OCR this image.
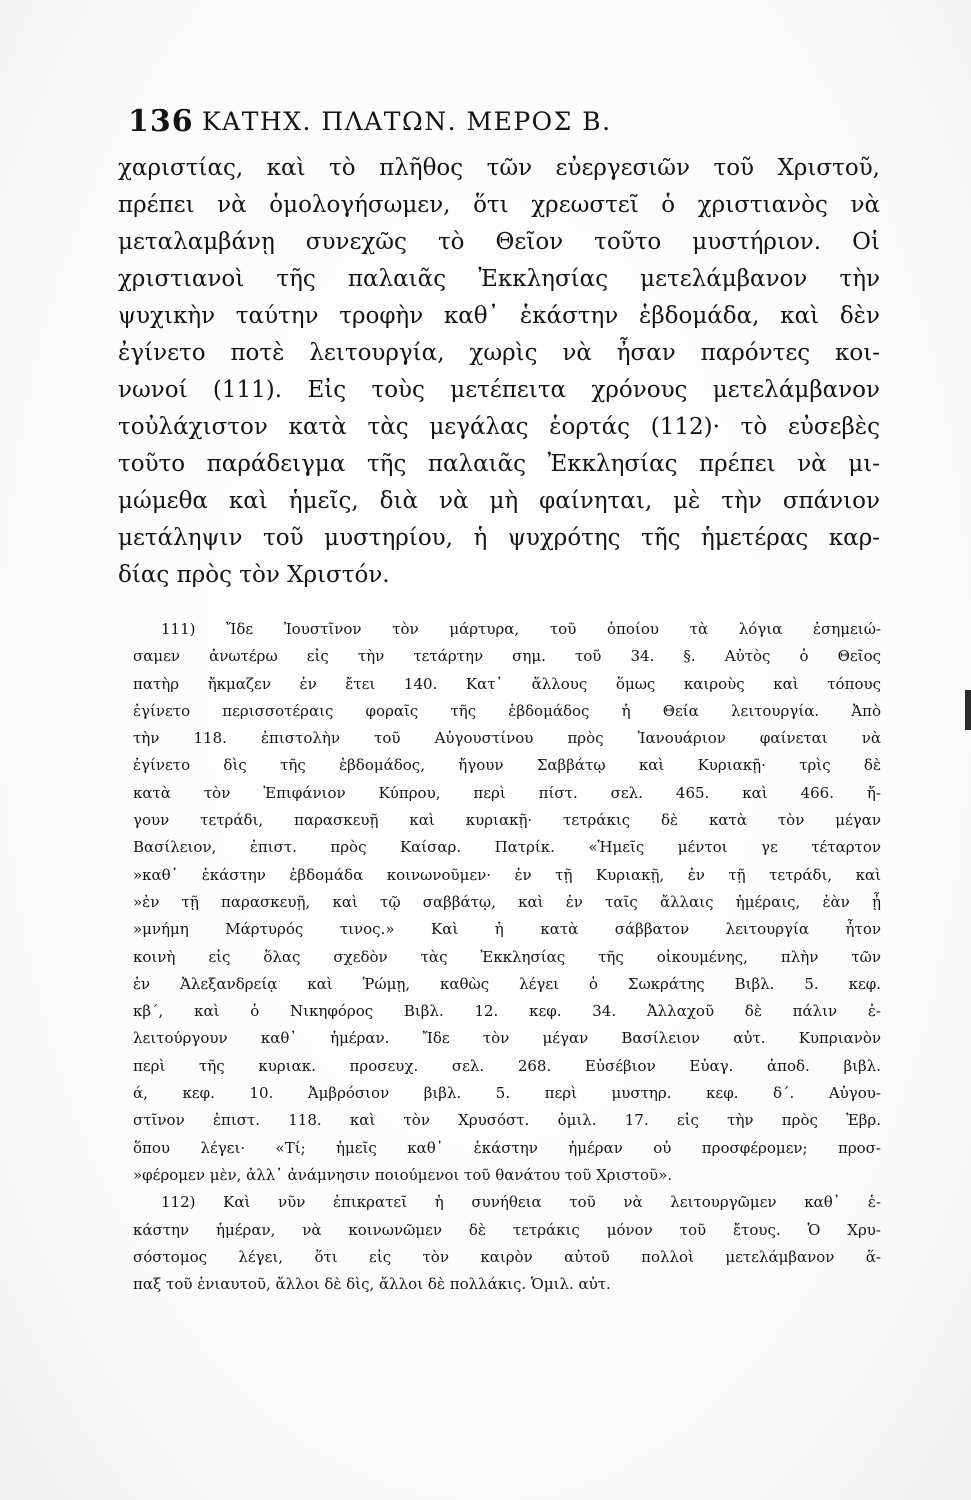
136 ΚΑΤΗΧ. ΠΛΑΤΩΝ. ΜΕΡΟΣ Β.
χαριστίας, καὶ τὸ πλῆθος τῶν εὐεργεσιῶν τοῦ Χριστοῦ,
πρέπει νὰ ὁμολογήσωμεν, ὅτι χρεωστεῖ ὁ χριστιανὸς νὰ
μεταλαμβάνῃ συνεχῶς τὸ Θεῖον τοῦτο μυστήριον. Οἱ
χριστιανοὶ τῆς παλαιᾶς Ἐκκλησίας μετελάμβανον τὴν
ψυχικὴν ταύτην τροφὴν καθ᾽ ἑκάστην ἑβδομάδα, καὶ δὲν
ἐγίνετο ποτὲ λειτουργία, χωρὶς νὰ ἦσαν παρόντες κοι-
νωνοί (111). Εἰς τοὺς μετέπειτα χρόνους μετελάμβανον
τοὐλάχιστον κατὰ τὰς μεγάλας ἑορτάς (112)· τὸ εὐσεβὲς
τοῦτο παράδειγμα τῆς παλαιᾶς Ἐκκλησίας πρέπει νὰ μι-
μώμεθα καὶ ἡμεῖς, διὰ νὰ μὴ φαίνηται, μὲ τὴν σπάνιον
μετάληψιν τοῦ μυστηρίου, ἡ ψυχρότης τῆς ἡμετέρας καρ-
δίας πρὸς τὸν Χριστόν.
111) Ἴδε Ἰουστῖνον τὸν μάρτυρα, τοῦ ὁποίου τὰ λόγια ἐσημειώ-
σαμεν ἀνωτέρω εἰς τὴν τετάρτην σημ. τοῦ 34. §. Αὐτὸς ὁ Θεῖος
πατὴρ ἤκμαζεν ἐν ἔτει 140. Κατ᾽ ἄλλους ὅμως καιροὺς καὶ τόπους
ἐγίνετο περισσοτέραις φοραῖς τῆς ἑβδομάδος ἡ Θεία λειτουργία. Ἀπὸ
τὴν 118. ἐπιστολὴν τοῦ Αὐγουστίνου πρὸς Ἰανουάριον φαίνεται νὰ
ἐγίνετο δὶς τῆς ἑβδομάδος, ἤγουν Σαββάτῳ καὶ Κυριακῇ· τρὶς δὲ
κατὰ τὸν Ἐπιφάνιον Κύπρου, περὶ πίστ. σελ. 465. καὶ 466. ἤ-
γουν τετράδι, παρασκευῇ καὶ κυριακῇ· τετράκις δὲ κατὰ τὸν μέγαν
Βασίλειον, ἐπιστ. πρὸς Καίσαρ. Πατρίκ. «Ἡμεῖς μέντοι γε τέταρτον
»καθ᾽ ἑκάστην ἑβδομάδα κοινωνοῦμεν· ἐν τῇ Κυριακῇ, ἐν τῇ τετράδι, καὶ
»ἐν τῇ παρασκευῇ, καὶ τῷ σαββάτῳ, καὶ ἐν ταῖς ἄλλαις ἡμέραις, ἐὰν ᾖ
»μνήμη Μάρτυρός τινος.» Καὶ ἡ κατὰ σάββατον λειτουργία ἦτον
κοινὴ εἰς ὅλας σχεδὸν τὰς Ἐκκλησίας τῆς οἰκουμένης, πλὴν τῶν
ἐν Ἀλεξανδρείᾳ καὶ Ῥώμῃ, καθὼς λέγει ὁ Σωκράτης Βιβλ. 5. κεφ.
κβ΄, καὶ ὁ Νικηφόρος Βιβλ. 12. κεφ. 34. Ἀλλαχοῦ δὲ πάλιν ἐ-
λειτούργουν καθ᾽ ἡμέραν. Ἴδε τὸν μέγαν Βασίλειον αὐτ. Κυπριανὸν
περὶ τῆς κυριακ. προσευχ. σελ. 268. Εὐσέβιον Εὐαγ. ἀποδ. βιβλ.
ά, κεφ. 10. Ἀμβρόσιον βιβλ. 5. περὶ μυστηρ. κεφ. δ΄. Αὐγου-
στῖνον ἐπιστ. 118. καὶ τὸν Χρυσόστ. ὁμιλ. 17. εἰς τὴν πρὸς Ἑβρ.
ὅπου λέγει· «Τί; ἡμεῖς καθ᾽ ἑκάστην ἡμέραν οὐ προσφέρομεν; προσ-
»φέρομεν μὲν, ἀλλ᾽ ἀνάμνησιν ποιούμενοι τοῦ θανάτου τοῦ Χριστοῦ».
112) Καὶ νῦν ἐπικρατεῖ ἡ συνήθεια τοῦ νὰ λειτουργῶμεν καθ᾽ ἑ-
κάστην ἡμέραν, νὰ κοινωνῶμεν δὲ τετράκις μόνον τοῦ ἔτους. Ὁ Χρυ-
σόστομος λέγει, ὅτι εἰς τὸν καιρὸν αὐτοῦ πολλοὶ μετελάμβανον ἅ-
παξ τοῦ ἐνιαυτοῦ, ἄλλοι δὲ δὶς, ἄλλοι δὲ πολλάκις. Ὁμιλ. αὐτ.
